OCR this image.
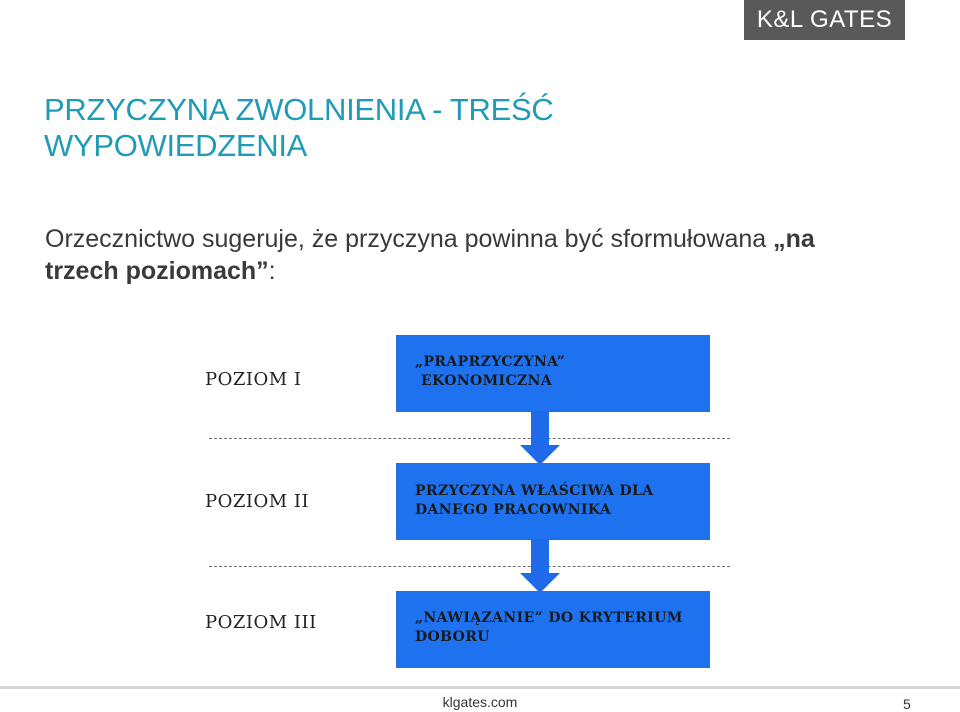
K&L GATES
PRZYCZYNA ZWOLNIENIA - TREŚĆ WYPOWIEDZENIA
Orzecznictwo sugeruje, że przyczyna powinna być sformułowana „na trzech poziomach”:
POZIOM I
POZIOM II
POZIOM III
„PRAPRZYCZYNA”
EKONOMICZNA
PRZYCZYNA WŁAŚCIWA DLA
DANEGO PRACOWNIKA
„NAWIĄZANIE” DO KRYTERIUM
DOBORU
klgates.com	5
